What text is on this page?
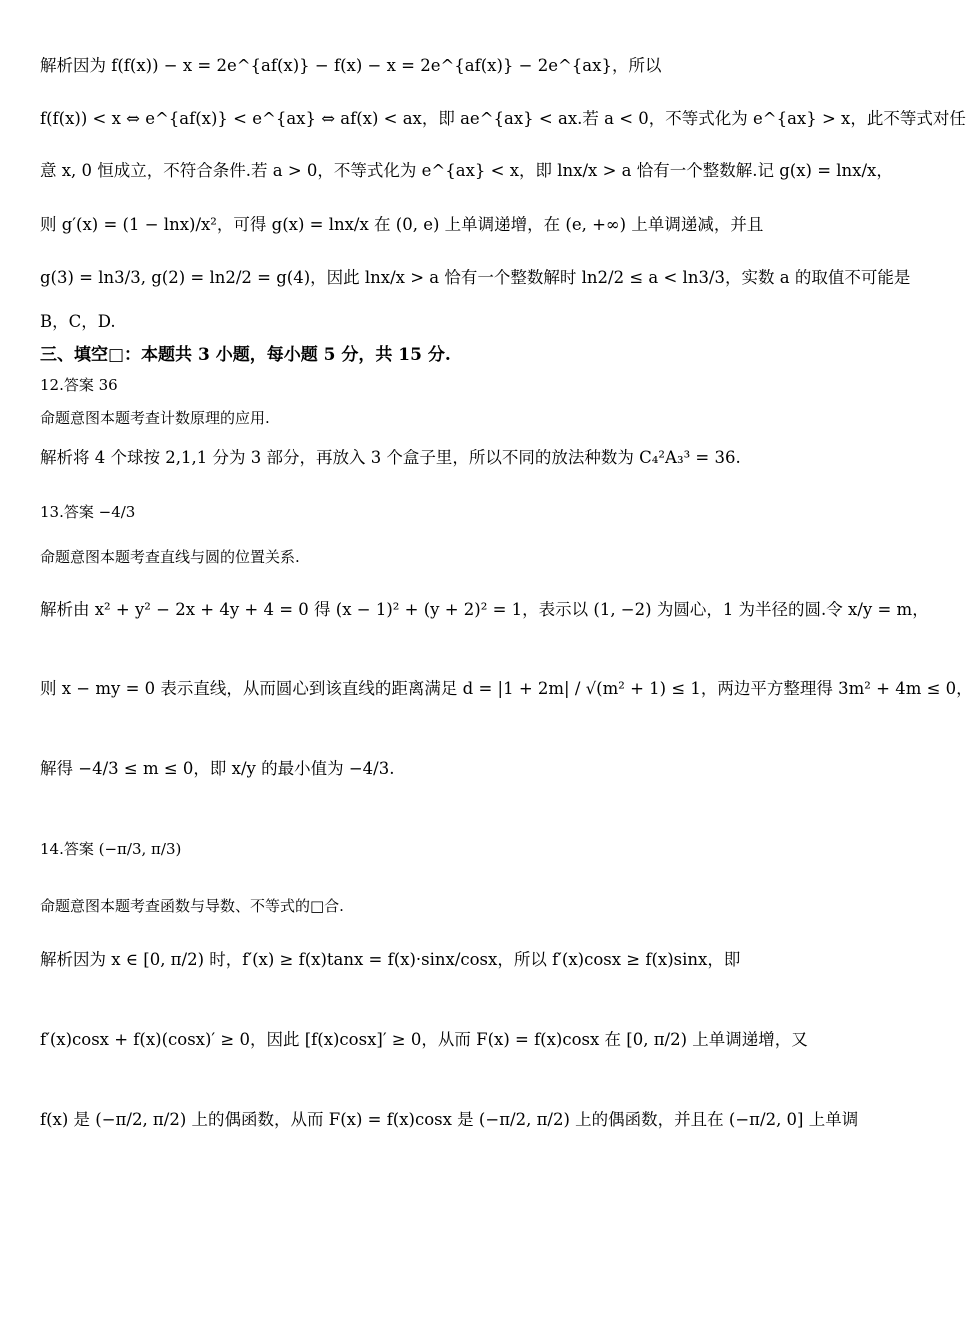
解析因为 f(f(x)) − x = 2e^{af(x)} − f(x) − x = 2e^{af(x)} − 2e^{ax}，所以
f(f(x)) < x ⇔ e^{af(x)} < e^{ax} ⇔ af(x) < ax，即 ae^{ax} < ax.若 a < 0，不等式化为 e^{ax} > x，此不等式对任
意 x, 0 恒成立，不符合条件.若 a > 0，不等式化为 e^{ax} < x，即 lnx/x > a 恰有一个整数解.记 g(x) = lnx/x，
则 g′(x) = (1 − lnx)/x²，可得 g(x) = lnx/x 在 (0, e) 上单调递增，在 (e, +∞) 上单调递减，并且
g(3) = ln3/3, g(2) = ln2/2 = g(4)，因此 lnx/x > a 恰有一个整数解时 ln2/2 ≤ a < ln3/3，实数 a 的取值不可能是
B，C，D.
三、填空□：本题共 3 小题，每小题 5 分，共 15 分.
12.答案 36
命题意图本题考查计数原理的应用.
解析将 4 个球按 2,1,1 分为 3 部分，再放入 3 个盒子里，所以不同的放法种数为 C₄²A₃³ = 36.
13.答案 −4/3
命题意图本题考查直线与圆的位置关系.
解析由 x² + y² − 2x + 4y + 4 = 0 得 (x − 1)² + (y + 2)² = 1，表示以 (1, −2) 为圆心，1 为半径的圆.令 x/y = m，
则 x − my = 0 表示直线，从而圆心到该直线的距离满足 d = |1 + 2m| / √(m² + 1) ≤ 1，两边平方整理得 3m² + 4m ≤ 0，
解得 −4/3 ≤ m ≤ 0，即 x/y 的最小值为 −4/3.
14.答案 (−π/3, π/3)
命题意图本题考查函数与导数、不等式的□合.
解析因为 x ∈ [0, π/2) 时，f′(x) ≥ f(x)tanx = f(x)·sinx/cosx，所以 f′(x)cosx ≥ f(x)sinx，即
f′(x)cosx + f(x)(cosx)′ ≥ 0，因此 [f(x)cosx]′ ≥ 0，从而 F(x) = f(x)cosx 在 [0, π/2) 上单调递增，又
f(x) 是 (−π/2, π/2) 上的偶函数，从而 F(x) = f(x)cosx 是 (−π/2, π/2) 上的偶函数，并且在 (−π/2, 0] 上单调
